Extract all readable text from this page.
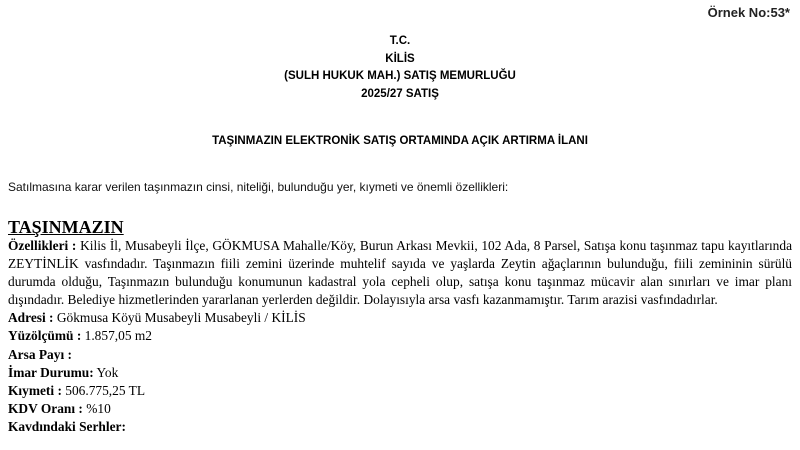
Örnek No:53*
T.C.
KİLİS
(SULH HUKUK MAH.) SATIŞ MEMURLUĞU
2025/27 SATIŞ
TAŞINMAZIN ELEKTRONİK SATIŞ ORTAMINDA AÇIK ARTIRMA İLANI
Satılmasına karar verilen taşınmazın cinsi, niteliği, bulunduğu yer, kıymeti ve önemli özellikleri:
TAŞINMAZIN

Özellikleri : Kilis İl, Musabeyli İlçe, GÖKMUSA Mahalle/Köy, Burun Arkası Mevkii, 102 Ada, 8 Parsel, Satışa konu taşınmaz tapu kayıtlarında ZEYTİNLİK vasfındadır. Taşınmazın fiili zemini üzerinde muhtelif sayıda ve yaşlarda Zeytin ağaçlarının bulunduğu, fiili zemininin sürülü durumda olduğu, Taşınmazın bulunduğu konumunun kadastral yola cepheli olup, satışa konu taşınmaz mücavir alan sınırları ve imar planı dışındadır. Belediye hizmetlerinden yararlanan yerlerden değildir. Dolayısıyla arsa vasfı kazanmamıştır. Tarım arazisi vasfındadırlar.

Adresi : Gökmusa Köyü Musabeyli Musabeyli / KİLİS

Yüzölçümü : 1.857,05 m2

Arsa Payı :

İmar Durumu: Yok

Kıymeti : 506.775,25 TL

KDV Oranı : %10

Kavdındaki Serhler:
